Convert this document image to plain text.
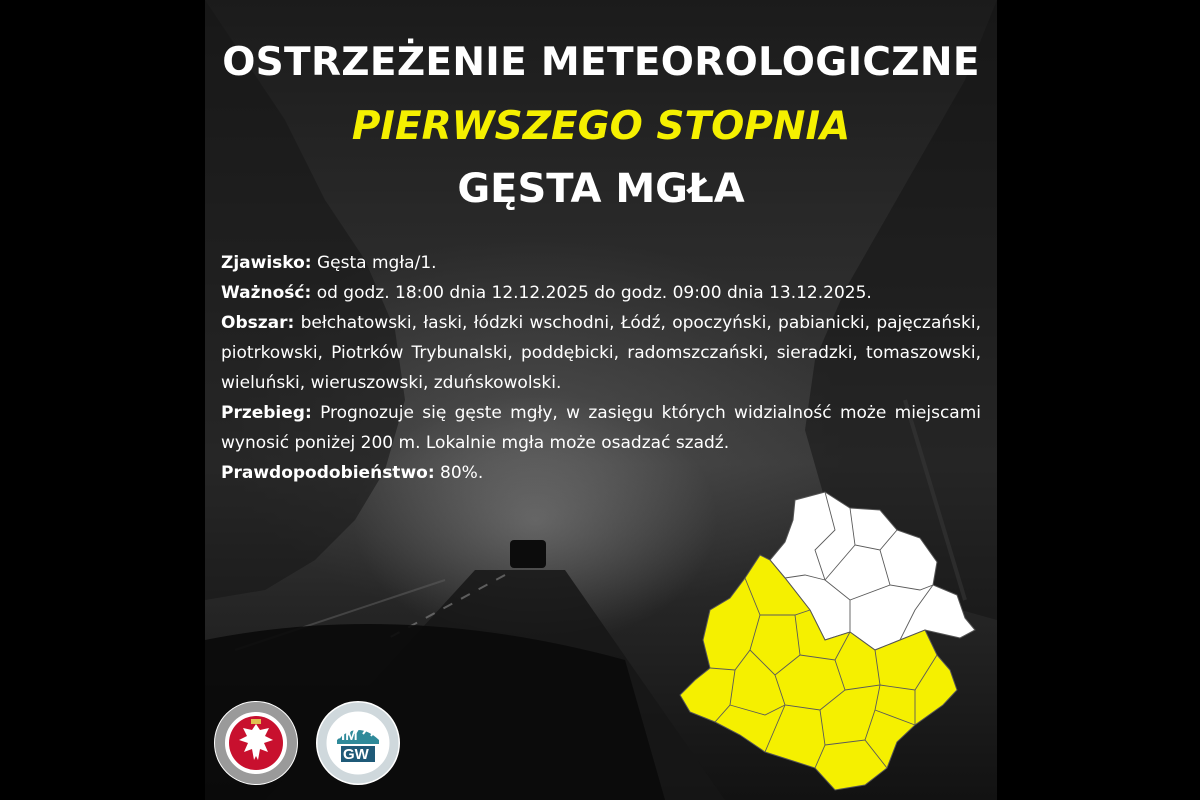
OSTRZEŻENIE METEOROLOGICZNE
PIERWSZEGO STOPNIA
GĘSTA MGŁA

Zjawisko: Gęsta mgła/1.

Ważność: od godz. 18:00 dnia 12.12.2025 do godz. 09:00 dnia 13.12.2025.

Obszar: bełchatowski, łaski, łódzki wschodni, Łódź, opoczyński, pabianicki, pajęczański, piotrkowski, Piotrków Trybunalski, poddębicki, radomszczański, sieradzki, tomaszowski, wieluński, wieruszowski, zduńskowolski.

Przebieg: Prognozuje się gęste mgły, w zasięgu których widzialność może miejscami wynosić poniżej 200 m. Lokalnie mgła może osadzać szadź.

Prawdopodobieństwo: 80%.

IM
GW
